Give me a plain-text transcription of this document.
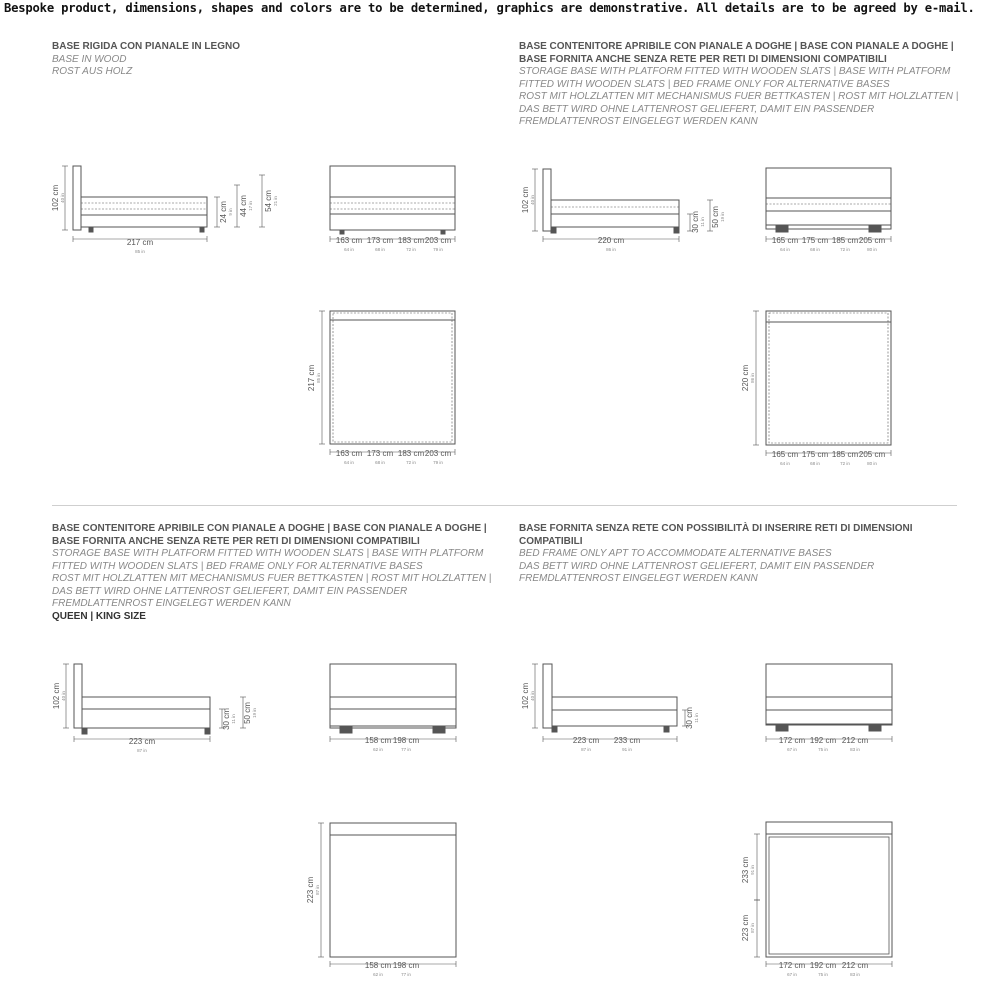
Bespoke product, dimensions, shapes and colors are to be determined, graphics are demonstrative. All details are to be agreed by e-mail.
BASE RIGIDA CON PIANALE IN LEGNO
BASE IN WOOD
ROST AUS HOLZ
BASE CONTENITORE APRIBILE CON PIANALE A DOGHE | BASE CON PIANALE A DOGHE |
BASE FORNITA ANCHE SENZA RETE PER RETI DI DIMENSIONI COMPATIBILI
STORAGE BASE WITH PLATFORM FITTED WITH WOODEN SLATS | BASE WITH PLATFORM
FITTED WITH WOODEN SLATS | BED FRAME ONLY FOR ALTERNATIVE BASES
ROST MIT HOLZLATTEN MIT MECHANISMUS FUER BETTKASTEN | ROST MIT HOLZLATTEN |
DAS BETT WIRD OHNE LATTENROST GELIEFERT, DAMIT EIN PASSENDER
FREMDLATTENROST EINGELEGT WERDEN KANN
BASE CONTENITORE APRIBILE CON PIANALE A DOGHE | BASE CON PIANALE A DOGHE |
BASE FORNITA ANCHE SENZA RETE PER RETI DI DIMENSIONI COMPATIBILI
STORAGE BASE WITH PLATFORM FITTED WITH WOODEN SLATS | BASE WITH PLATFORM
FITTED WITH WOODEN SLATS | BED FRAME ONLY FOR ALTERNATIVE BASES
ROST MIT HOLZLATTEN MIT MECHANISMUS FUER BETTKASTEN | ROST MIT HOLZLATTEN |
DAS BETT WIRD OHNE LATTENROST GELIEFERT, DAMIT EIN PASSENDER
FREMDLATTENROST EINGELEGT WERDEN KANN
QUEEN | KING SIZE
BASE FORNITA SENZA RETE CON POSSIBILITÀ DI INSERIRE RETI DI DIMENSIONI
COMPATIBILI
BED FRAME ONLY APT TO ACCOMMODATE ALTERNATIVE BASES
DAS BETT WIRD OHNE LATTENROST GELIEFERT, DAMIT EIN PASSENDER
FREMDLATTENROST EINGELEGT WERDEN KANN
102 cm 40 in
217 cm
85 in
24 cm 9 in 44 cm 17 in 54 cm 21 in
163 cm
64 in
173 cm
68 in
183 cm
72 in
203 cm
79 in
217 cm 85 in
163 cm
64 in
173 cm
68 in
183 cm
72 in
203 cm
79 in
102 cm 40 in
220 cm
86 in
30 cm 11 in 50 cm 19 in
165 cm
64 in
175 cm
68 in
185 cm
72 in
205 cm
80 in
220 cm 86 in
165 cm
64 in
175 cm
68 in
185 cm
72 in
205 cm
80 in
102 cm 40 in
223 cm
87 in
30 cm 11 in 50 cm 19 in
158 cm
62 in
198 cm
77 in
223 cm 87 in
158 cm
62 in
198 cm
77 in
102 cm 40 in
223 cm
87 in
233 cm
91 in
30 cm 11 in
172 cm
67 in
192 cm
75 in
212 cm
83 in
233 cm 91 in
223 cm 87 in
172 cm
67 in
192 cm
75 in
212 cm
83 in
